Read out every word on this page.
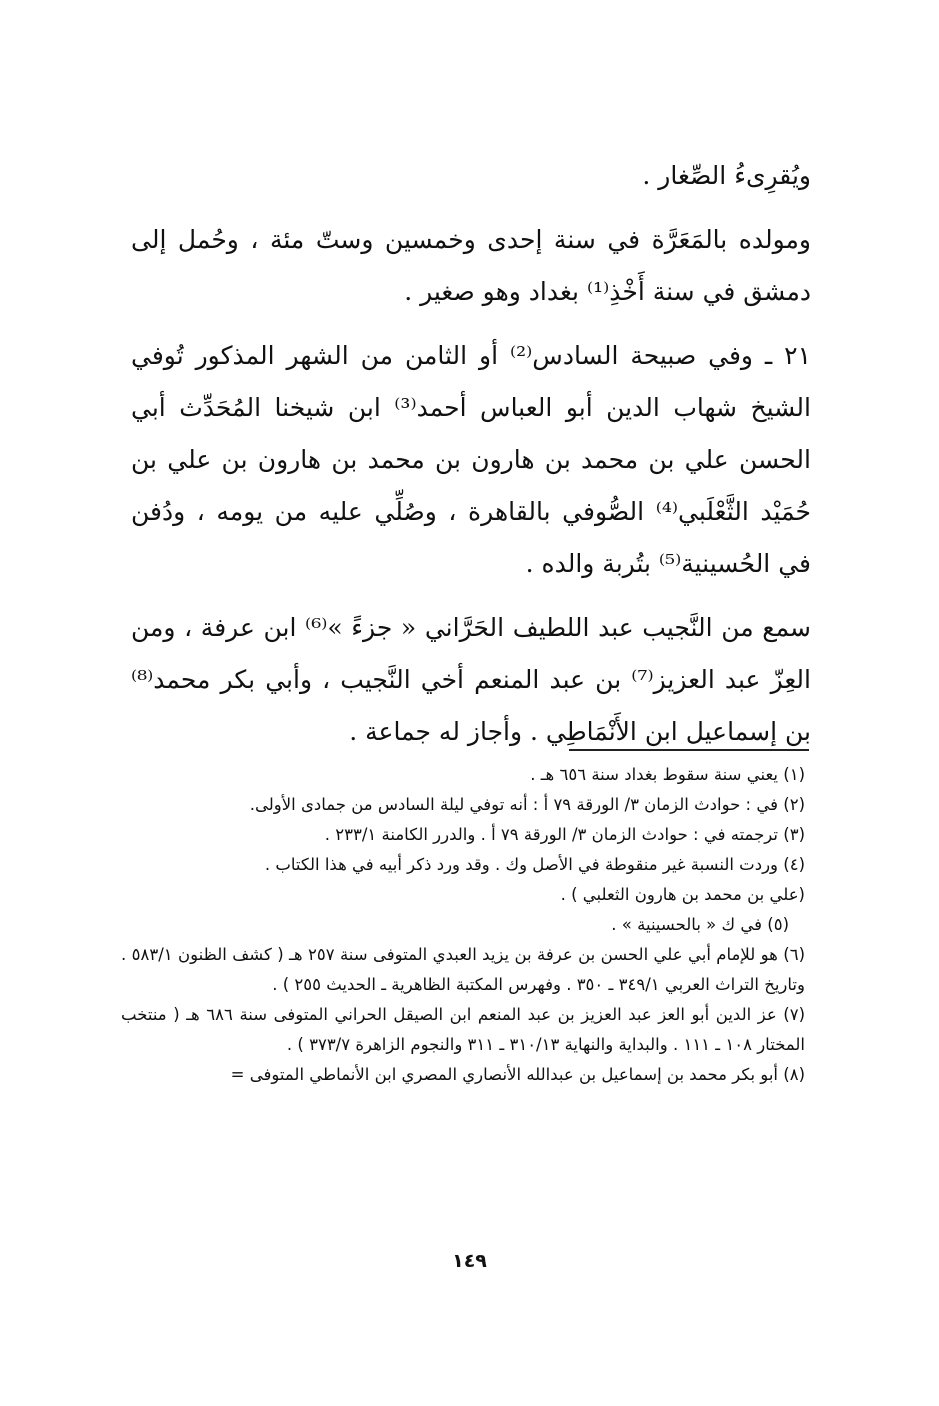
ويُقرِىءُ الصِّغار .

ومولده بالمَعَرَّة في سنة إحدى وخمسين وستّ مئة ، وحُمل إلى دمشق في سنة أَخْذِ⁽¹⁾ بغداد وهو صغير .

٢١ ـ وفي صبيحة السادس⁽²⁾ أو الثامن من الشهر المذكور تُوفي الشيخ شهاب الدين أبو العباس أحمد⁽³⁾ ابن شيخنا المُحَدِّث أبي الحسن علي بن محمد بن هارون بن محمد بن هارون بن علي بن حُمَيْد الثَّعْلَبي⁽⁴⁾ الصُّوفي بالقاهرة ، وصُلِّي عليه من يومه ، ودُفن في الحُسينية⁽⁵⁾ بتُربة والده .

سمع من النَّجيب عبد اللطيف الحَرَّاني « جزءً »⁽⁶⁾ ابن عرفة ، ومن العِزّ عبد العزيز⁽⁷⁾ بن عبد المنعم أخي النَّجيب ، وأبي بكر محمد⁽⁸⁾ بن إسماعيل ابن الأَنْمَاطِي . وأجاز له جماعة .

(١) يعني سنة سقوط بغداد سنة ٦٥٦ هـ .

(٢) في : حوادث الزمان ٣/ الورقة ٧٩ أ : أنه توفي ليلة السادس من جمادى الأولى.

(٣) ترجمته في : حوادث الزمان ٣/ الورقة ٧٩ أ . والدرر الكامنة ٢٣٣/١ .

(٤) وردت النسبة غير منقوطة في الأصل وك . وقد ورد ذكر أبيه في هذا الكتاب .

(علي بن محمد بن هارون الثعلبي ) .

(٥) في ك « بالحسينية » .

(٦) هو للإمام أبي علي الحسن بن عرفة بن يزيد العبدي المتوفى سنة ٢٥٧ هـ ( كشف الظنون ٥٨٣/١ . وتاريخ التراث العربي ٣٤٩/١ ـ ٣٥٠ . وفهرس المكتبة الظاهرية ـ الحديث ٢٥٥ ) .

(٧) عز الدين أبو العز عبد العزيز بن عبد المنعم ابن الصيقل الحراني المتوفى سنة ٦٨٦ هـ ( منتخب المختار ١٠٨ ـ ١١١ . والبداية والنهاية ٣١٠/١٣ ـ ٣١١ والنجوم الزاهرة ٣٧٣/٧ ) .

(٨) أبو بكر محمد بن إسماعيل بن عبدالله الأنصاري المصري ابن الأنماطي المتوفى =

١٤٩
